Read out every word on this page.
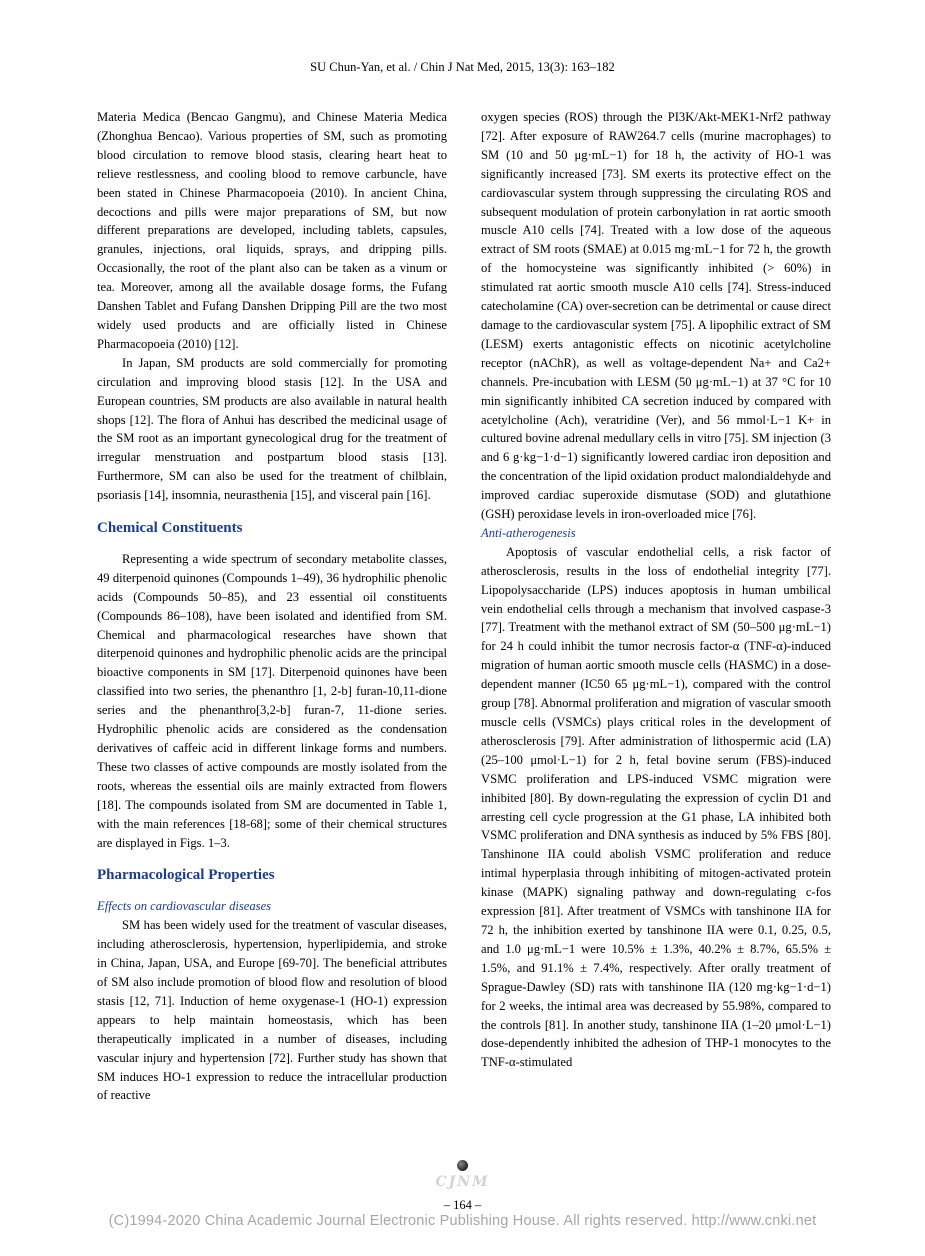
SU Chun-Yan, et al. / Chin J Nat Med, 2015, 13(3): 163–182

Materia Medica (Bencao Gangmu), and Chinese Materia Medica (Zhonghua Bencao). Various properties of SM, such as promoting blood circulation to remove blood stasis, clearing heart heat to relieve restlessness, and cooling blood to remove carbuncle, have been stated in Chinese Pharmacopoeia (2010). In ancient China, decoctions and pills were major preparations of SM, but now different preparations are developed, including tablets, capsules, granules, injections, oral liquids, sprays, and dripping pills. Occasionally, the root of the plant also can be taken as a vinum or tea. Moreover, among all the available dosage forms, the Fufang Danshen Tablet and Fufang Danshen Dripping Pill are the two most widely used products and are officially listed in Chinese Pharmacopoeia (2010) [12].

In Japan, SM products are sold commercially for promoting circulation and improving blood stasis [12]. In the USA and European countries, SM products are also available in natural health shops [12]. The flora of Anhui has described the medicinal usage of the SM root as an important gynecological drug for the treatment of irregular menstruation and postpartum blood stasis [13]. Furthermore, SM can also be used for the treatment of chilblain, psoriasis [14], insomnia, neurasthenia [15], and visceral pain [16].

Chemical Constituents

Representing a wide spectrum of secondary metabolite classes, 49 diterpenoid quinones (Compounds 1–49), 36 hydrophilic phenolic acids (Compounds 50–85), and 23 essential oil constituents (Compounds 86–108), have been isolated and identified from SM. Chemical and pharmacological researches have shown that diterpenoid quinones and hydrophilic phenolic acids are the principal bioactive components in SM [17]. Diterpenoid quinones have been classified into two series, the phenanthro [1, 2-b] furan-10,11-dione series and the phenanthro[3,2-b] furan-7, 11-dione series. Hydrophilic phenolic acids are considered as the condensation derivatives of caffeic acid in different linkage forms and numbers. These two classes of active compounds are mostly isolated from the roots, whereas the essential oils are mainly extracted from flowers [18]. The compounds isolated from SM are documented in Table 1, with the main references [18-68]; some of their chemical structures are displayed in Figs. 1–3.

Pharmacological Properties
Effects on cardiovascular diseases

SM has been widely used for the treatment of vascular diseases, including atherosclerosis, hypertension, hyperlipidemia, and stroke in China, Japan, USA, and Europe [69-70]. The beneficial attributes of SM also include promotion of blood flow and resolution of blood stasis [12, 71]. Induction of heme oxygenase-1 (HO-1) expression appears to help maintain homeostasis, which has been therapeutically implicated in a number of diseases, including vascular injury and hypertension [72]. Further study has shown that SM induces HO-1 expression to reduce the intracellular production of reactive

oxygen species (ROS) through the PI3K/Akt-MEK1-Nrf2 pathway [72]. After exposure of RAW264.7 cells (murine macrophages) to SM (10 and 50 μg·mL−1) for 18 h, the activity of HO-1 was significantly increased [73]. SM exerts its protective effect on the cardiovascular system through suppressing the circulating ROS and subsequent modulation of protein carbonylation in rat aortic smooth muscle A10 cells [74]. Treated with a low dose of the aqueous extract of SM roots (SMAE) at 0.015 mg·mL−1 for 72 h, the growth of the homocysteine was significantly inhibited (> 60%) in stimulated rat aortic smooth muscle A10 cells [74]. Stress-induced catecholamine (CA) over-secretion can be detrimental or cause direct damage to the cardiovascular system [75]. A lipophilic extract of SM (LESM) exerts antagonistic effects on nicotinic acetylcholine receptor (nAChR), as well as voltage-dependent Na+ and Ca2+ channels. Pre-incubation with LESM (50 μg·mL−1) at 37 °C for 10 min significantly inhibited CA secretion induced by compared with acetylcholine (Ach), veratridine (Ver), and 56 mmol·L−1 K+ in cultured bovine adrenal medullary cells in vitro [75]. SM injection (3 and 6 g·kg−1·d−1) significantly lowered cardiac iron deposition and the concentration of the lipid oxidation product malondialdehyde and improved cardiac superoxide dismutase (SOD) and glutathione (GSH) peroxidase levels in iron-overloaded mice [76].

Anti-atherogenesis

Apoptosis of vascular endothelial cells, a risk factor of atherosclerosis, results in the loss of endothelial integrity [77]. Lipopolysaccharide (LPS) induces apoptosis in human umbilical vein endothelial cells through a mechanism that involved caspase-3 [77]. Treatment with the methanol extract of SM (50–500 μg·mL−1) for 24 h could inhibit the tumor necrosis factor-α (TNF-α)-induced migration of human aortic smooth muscle cells (HASMC) in a dose-dependent manner (IC50 65 μg·mL−1), compared with the control group [78]. Abnormal proliferation and migration of vascular smooth muscle cells (VSMCs) plays critical roles in the development of atherosclerosis [79]. After administration of lithospermic acid (LA) (25–100 μmol·L−1) for 2 h, fetal bovine serum (FBS)-induced VSMC proliferation and LPS-induced VSMC migration were inhibited [80]. By down-regulating the expression of cyclin D1 and arresting cell cycle progression at the G1 phase, LA inhibited both VSMC proliferation and DNA synthesis as induced by 5% FBS [80]. Tanshinone IIA could abolish VSMC proliferation and reduce intimal hyperplasia through inhibiting of mitogen-activated protein kinase (MAPK) signaling pathway and down-regulating c-fos expression [81]. After treatment of VSMCs with tanshinone IIA for 72 h, the inhibition exerted by tanshinone IIA were 0.1, 0.25, 0.5, and 1.0 μg·mL−1 were 10.5% ± 1.3%, 40.2% ± 8.7%, 65.5% ± 1.5%, and 91.1% ± 7.4%, respectively. After orally treatment of Sprague-Dawley (SD) rats with tanshinone IIA (120 mg·kg−1·d−1) for 2 weeks, the intimal area was decreased by 55.98%, compared to the controls [81]. In another study, tanshinone IIA (1–20 μmol·L−1) dose-dependently inhibited the adhesion of THP-1 monocytes to the TNF-α-stimulated

CJNM
– 164 –
(C)1994-2020 China Academic Journal Electronic Publishing House. All rights reserved. http://www.cnki.net
